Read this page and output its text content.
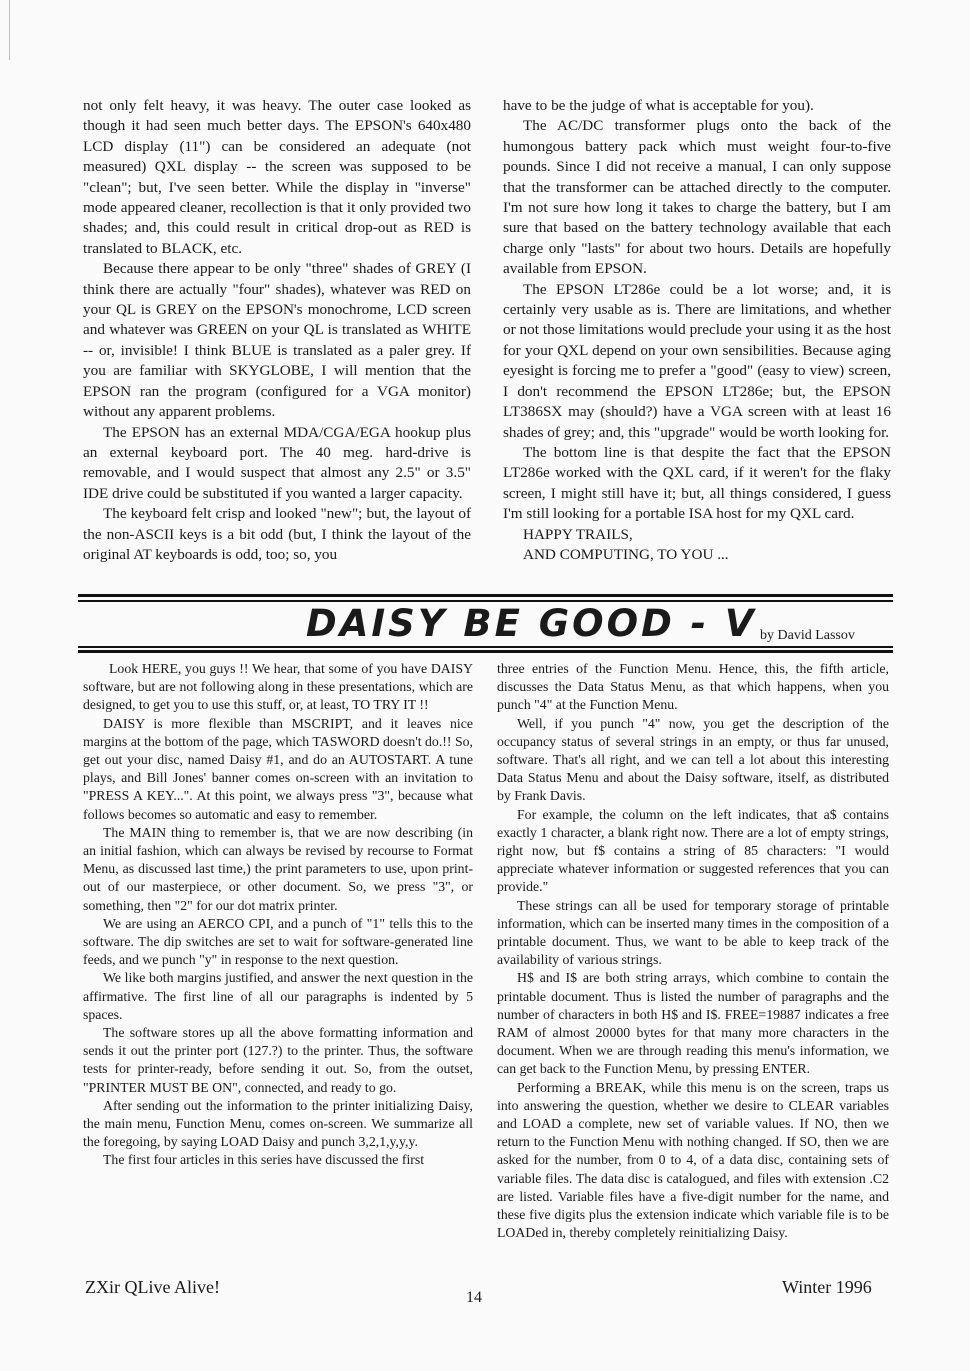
not only felt heavy, it was heavy. The outer case looked as though it had seen much better days. The EPSON's 640x480 LCD display (11") can be considered an adequate (not measured) QXL display -- the screen was supposed to be "clean"; but, I've seen better. While the display in "inverse" mode appeared cleaner, recollection is that it only provided two shades; and, this could result in critical drop-out as RED is translated to BLACK, etc.

Because there appear to be only "three" shades of GREY (I think there are actually "four" shades), whatever was RED on your QL is GREY on the EPSON's monochrome, LCD screen and whatever was GREEN on your QL is translated as WHITE -- or, invisible! I think BLUE is translated as a paler grey. If you are familiar with SKYGLOBE, I will mention that the EPSON ran the program (configured for a VGA monitor) without any apparent problems.

The EPSON has an external MDA/CGA/EGA hookup plus an external keyboard port. The 40 meg. hard-drive is removable, and I would suspect that almost any 2.5" or 3.5" IDE drive could be substituted if you wanted a larger capacity.

The keyboard felt crisp and looked "new"; but, the layout of the non-ASCII keys is a bit odd (but, I think the layout of the original AT keyboards is odd, too; so, you

have to be the judge of what is acceptable for you).

The AC/DC transformer plugs onto the back of the humongous battery pack which must weight four-to-five pounds. Since I did not receive a manual, I can only suppose that the transformer can be attached directly to the computer. I'm not sure how long it takes to charge the battery, but I am sure that based on the battery technology available that each charge only "lasts" for about two hours. Details are hopefully available from EPSON.

The EPSON LT286e could be a lot worse; and, it is certainly very usable as is. There are limitations, and whether or not those limitations would preclude your using it as the host for your QXL depend on your own sensibilities. Because aging eyesight is forcing me to prefer a "good" (easy to view) screen, I don't recommend the EPSON LT286e; but, the EPSON LT386SX may (should?) have a VGA screen with at least 16 shades of grey; and, this "upgrade" would be worth looking for.

The bottom line is that despite the fact that the EPSON LT286e worked with the QXL card, if it weren't for the flaky screen, I might still have it; but, all things considered, I guess I'm still looking for a portable ISA host for my QXL card.

HAPPY TRAILS,

AND COMPUTING, TO YOU ...

DAISY BE GOOD - V by David Lassov

Look HERE, you guys !! We hear, that some of you have DAISY software, but are not following along in these presentations, which are designed, to get you to use this stuff, or, at least, TO TRY IT !!

DAISY is more flexible than MSCRIPT, and it leaves nice margins at the bottom of the page, which TASWORD doesn't do.!! So, get out your disc, named Daisy #1, and do an AUTOSTART. A tune plays, and Bill Jones' banner comes on-screen with an invitation to "PRESS A KEY...". At this point, we always press "3", because what follows becomes so automatic and easy to remember.

The MAIN thing to remember is, that we are now describing (in an initial fashion, which can always be revised by recourse to Format Menu, as discussed last time,) the print parameters to use, upon print-out of our masterpiece, or other document. So, we press "3", or something, then "2" for our dot matrix printer.

We are using an AERCO CPI, and a punch of "1" tells this to the software. The dip switches are set to wait for software-generated line feeds, and we punch "y" in response to the next question.

We like both margins justified, and answer the next question in the affirmative. The first line of all our paragraphs is indented by 5 spaces.

The software stores up all the above formatting information and sends it out the printer port (127.?) to the printer. Thus, the software tests for printer-ready, before sending it out. So, from the outset, "PRINTER MUST BE ON", connected, and ready to go.

After sending out the information to the printer initializing Daisy, the main menu, Function Menu, comes on-screen. We summarize all the foregoing, by saying LOAD Daisy and punch 3,2,1,y,y,y.

The first four articles in this series have discussed the first

three entries of the Function Menu. Hence, this, the fifth article, discusses the Data Status Menu, as that which happens, when you punch "4" at the Function Menu.

Well, if you punch "4" now, you get the description of the occupancy status of several strings in an empty, or thus far unused, software. That's all right, and we can tell a lot about this interesting Data Status Menu and about the Daisy software, itself, as distributed by Frank Davis.

For example, the column on the left indicates, that a$ contains exactly 1 character, a blank right now. There are a lot of empty strings, right now, but f$ contains a string of 85 characters: "I would appreciate whatever information or suggested references that you can provide."

These strings can all be used for temporary storage of printable information, which can be inserted many times in the composition of a printable document. Thus, we want to be able to keep track of the availability of various strings.

H$ and I$ are both string arrays, which combine to contain the printable document. Thus is listed the number of paragraphs and the number of characters in both H$ and I$. FREE=19887 indicates a free RAM of almost 20000 bytes for that many more characters in the document. When we are through reading this menu's information, we can get back to the Function Menu, by pressing ENTER.

Performing a BREAK, while this menu is on the screen, traps us into answering the question, whether we desire to CLEAR variables and LOAD a complete, new set of variable values. If NO, then we return to the Function Menu with nothing changed. If SO, then we are asked for the number, from 0 to 4, of a data disc, containing sets of variable files. The data disc is catalogued, and files with extension .C2 are listed. Variable files have a five-digit number for the name, and these five digits plus the extension indicate which variable file is to be LOADed in, thereby completely reinitializing Daisy.

ZXir QLive Alive!
14
Winter 1996
